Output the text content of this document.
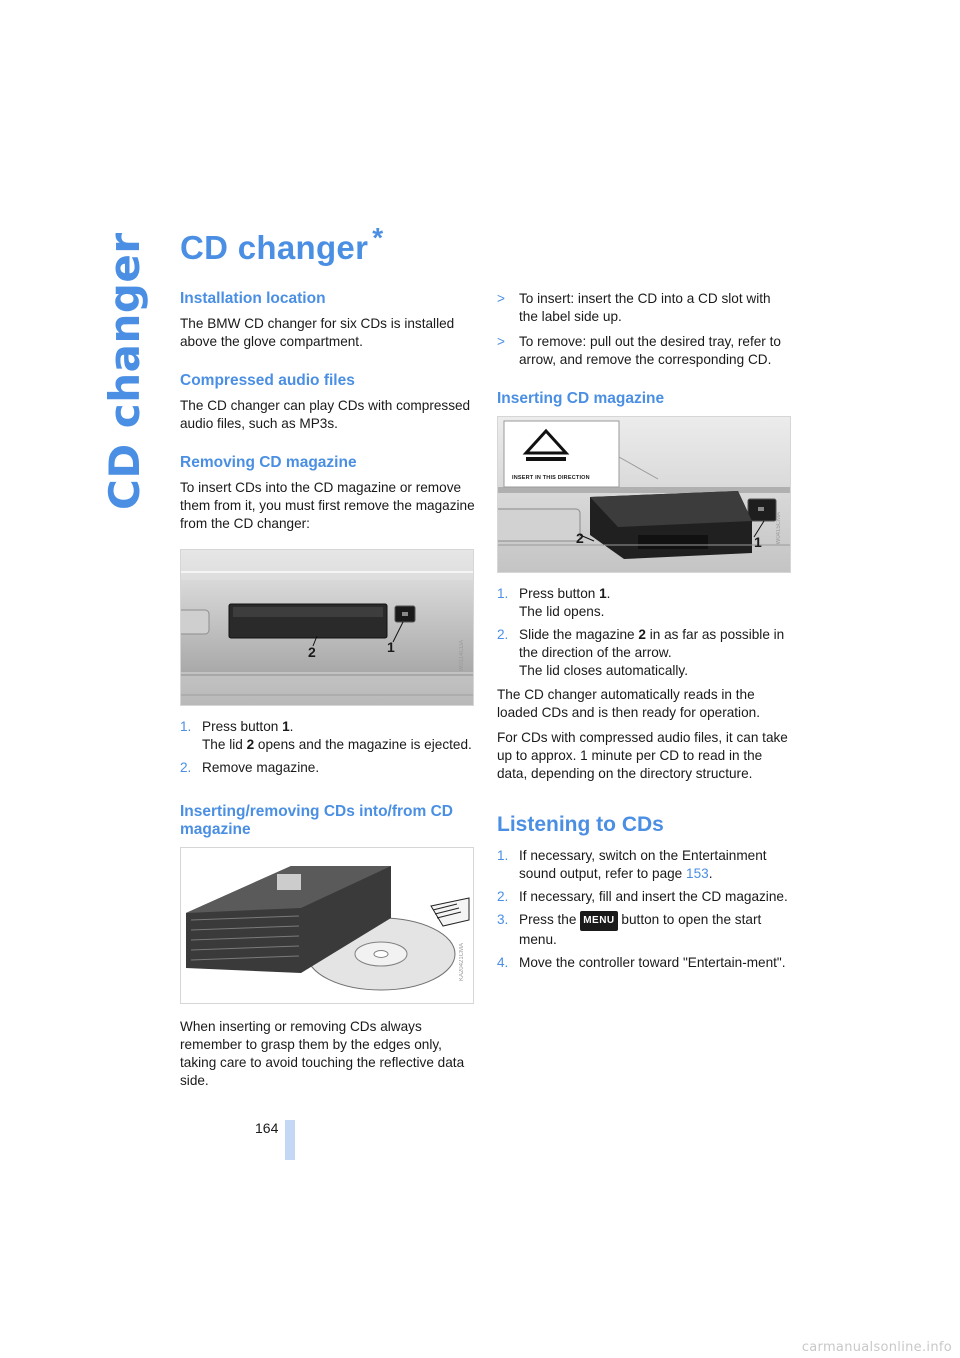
CD changer CD changer *
Installation location

The BMW CD changer for six CDs is installed above the glove compartment.

Compressed audio files

The CD changer can play CDs with compressed audio files, such as MP3s.

Removing CD magazine

To insert CDs into the CD magazine or remove them from it, you must first remove the magazine from the CD changer:

2	1	W0114CDA
1. Press button 1.
The lid 2 opens and the magazine is ejected.
2. Remove magazine.
Inserting/removing CDs into/from CD magazine
KA20421CMA

When inserting or removing CDs always remember to grasp them by the edges only, taking care to avoid touching the reflective data side.

> To insert: insert the CD into a CD slot with the label side up.
> To remove: pull out the desired tray, refer to arrow, and remove the corresponding CD.
Inserting CD magazine
INSERT IN THIS DIRECTION
2	1	W0415CMA
1. Press button 1.
The lid opens.
2. Slide the magazine 2 in as far as possible in the direction of the arrow.
The lid closes automatically.

The CD changer automatically reads in the loaded CDs and is then ready for operation.

For CDs with compressed audio files, it can take up to approx. 1 minute per CD to read in the data, depending on the directory structure.

Listening to CDs
1. If necessary, switch on the Entertainment sound output, refer to page 153.
2. If necessary, fill and insert the CD magazine.
3. Press the MENU button to open the start menu.
4. Move the controller toward "Entertain-ment".
164
carmanualsonline.info
